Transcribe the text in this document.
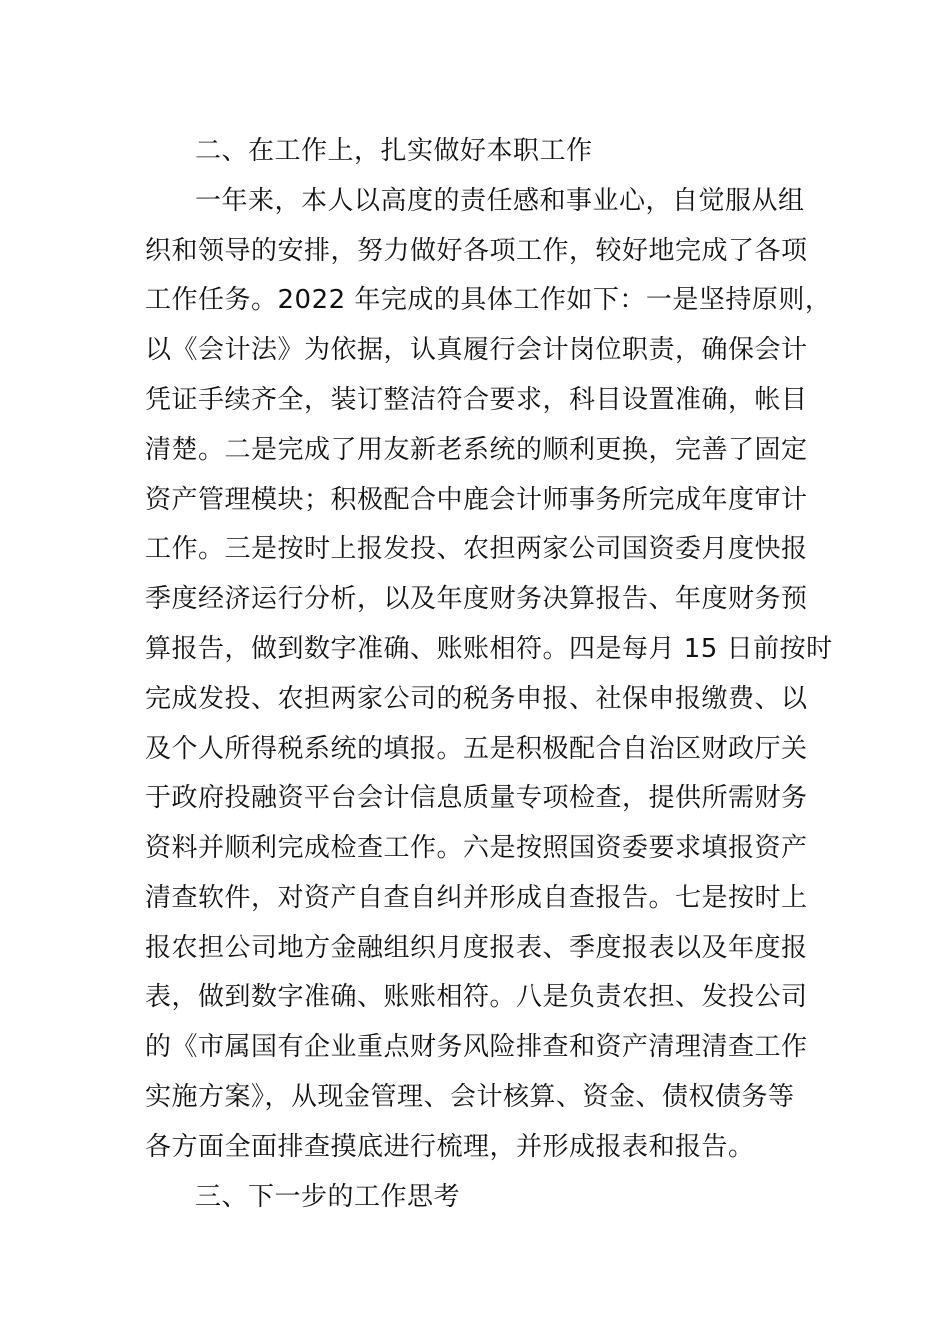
二、在工作上，扎实做好本职工作
一年来，本人以高度的责任感和事业心，自觉服从组
织和领导的安排，努力做好各项工作，较好地完成了各项
工作任务。2022 年完成的具体工作如下：一是坚持原则，
以《会计法》为依据，认真履行会计岗位职责，确保会计
凭证手续齐全，装订整洁符合要求，科目设置准确，帐目
清楚。二是完成了用友新老系统的顺利更换，完善了固定
资产管理模块；积极配合中鹿会计师事务所完成年度审计
工作。三是按时上报发投、农担两家公司国资委月度快报
季度经济运行分析，以及年度财务决算报告、年度财务预
算报告，做到数字准确、账账相符。四是每月 15 日前按时
完成发投、农担两家公司的税务申报、社保申报缴费、以
及个人所得税系统的填报。五是积极配合自治区财政厅关
于政府投融资平台会计信息质量专项检查，提供所需财务
资料并顺利完成检查工作。六是按照国资委要求填报资产
清查软件，对资产自查自纠并形成自查报告。七是按时上
报农担公司地方金融组织月度报表、季度报表以及年度报
表，做到数字准确、账账相符。八是负责农担、发投公司
的《市属国有企业重点财务风险排查和资产清理清查工作
实施方案》，从现金管理、会计核算、资金、债权债务等
各方面全面排查摸底进行梳理，并形成报表和报告。
三、下一步的工作思考
